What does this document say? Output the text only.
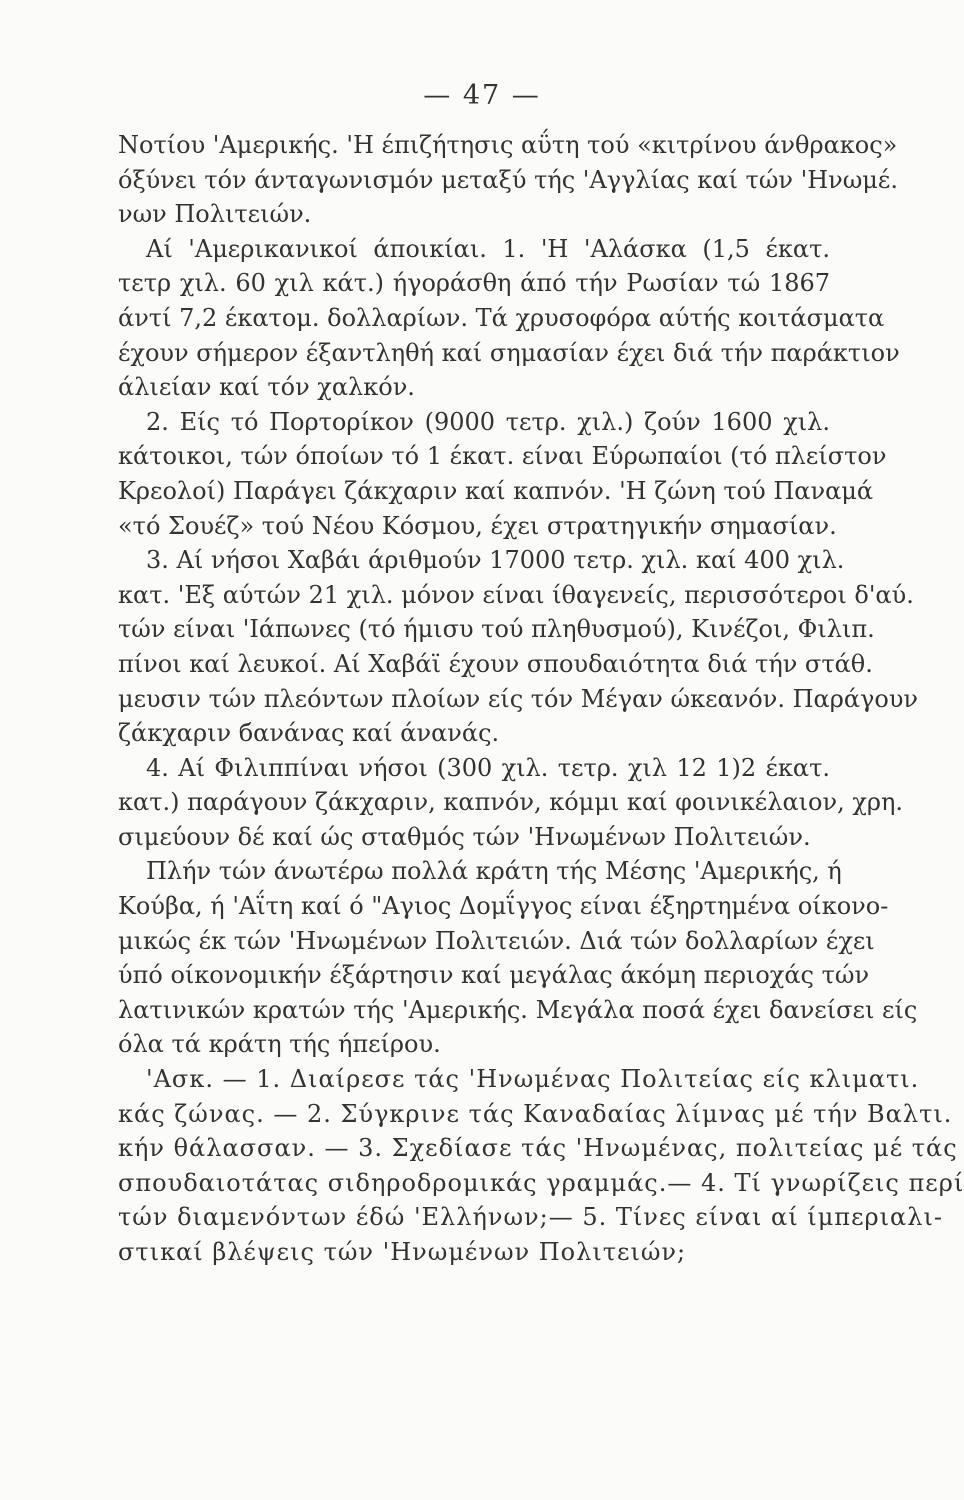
— 47 —
Νοτίου 'Αμερικής. 'Η έπιζήτησις αΰτη τού «κιτρίνου άνθρακος»
όξύνει τόν άνταγωνισμόν μεταξύ τής 'Αγγλίας καί τών 'Ηνωμέ.
νων Πολιτειών.
Αί 'Αμερικανικοί άποικίαι. 1. 'Η 'Αλάσκα (1,5 έκατ.
τετρ χιλ. 60 χιλ κάτ.) ήγοράσθη άπό τήν Ρωσίαν τώ 1867
άντί 7,2 έκατομ. δολλαρίων. Τά χρυσοφόρα αύτής κοιτάσματα
έχουν σήμερον έξαντληθή καί σημασίαν έχει διά τήν παράκτιον
άλιείαν καί τόν χαλκόν.
2. Είς τό Πορτορίκον (9000 τετρ. χιλ.) ζούν 1600 χιλ.
κάτοικοι, τών όποίων τό 1 έκατ. είναι Εύρωπαίοι (τό πλείστον
Κρεολοί) Παράγει ζάκχαριν καί καπνόν. 'Η ζώνη τού Παναμά
«τό Σουέζ» τού Νέου Κόσμου, έχει στρατηγικήν σημασίαν.
3. Αί νήσοι Χαβάι άριθμούν 17000 τετρ. χιλ. καί 400 χιλ.
κατ. 'Εξ αύτών 21 χιλ. μόνον είναι ίθαγενείς, περισσότεροι δ'αύ.
τών είναι 'Ιάπωνες (τό ήμισυ τού πληθυσμού), Κινέζοι, Φιλιπ.
πίνοι καί λευκοί. Αί Χαβάϊ έχουν σπουδαιότητα διά τήν στάθ.
μευσιν τών πλεόντων πλοίων είς τόν Μέγαν ώκεανόν. Παράγουν
ζάκχαριν бανάνας καί άνανάς.
4. Αί Φιλιππίναι νήσοι (300 χιλ. τετρ. χιλ 12 1)2 έκατ.
κατ.) παράγουν ζάκχαριν, καπνόν, κόμμι καί φοινικέλαιον, χρη.
σιμεύουν δέ καί ώς σταθμός τών 'Ηνωμένων Πολιτειών.
Πλήν τών άνωτέρω πολλά κράτη τής Μέσης 'Αμερικής, ή
Κούβα, ή 'Αΐτη καί ό "Αγιος Δομΐγγος είναι έξηρτημένα οίκονο-
μικώς έκ τών 'Ηνωμένων Πολιτειών. Διά τών δολλαρίων έχει
ύπό οίκονομικήν έξάρτησιν καί μεγάλας άκόμη περιοχάς τών
λατινικών κρατών τής 'Αμερικής. Μεγάλα ποσά έχει δανείσει είς
όλα τά κράτη τής ήπείρου.
'Ασκ. — 1. Διαίρεσε τάς 'Ηνωμένας Πολιτείας είς κλιματι.
κάς ζώνας. — 2. Σύγκρινε τάς Καναδαίας λίμνας μέ τήν Βαλτι.
κήν θάλασσαν. — 3. Σχεδίασε τάς 'Ηνωμένας, πολιτείας μέ τάς
σπουδαιοτάτας σιδηροδρομικάς γραμμάς.— 4. Τί γνωρίζεις περί
τών διαμενόντων έδώ 'Ελλήνων;— 5. Τίνες είναι αί ίμπεριαλι-
στικαί βλέψεις τών 'Ηνωμένων Πολιτειών;
